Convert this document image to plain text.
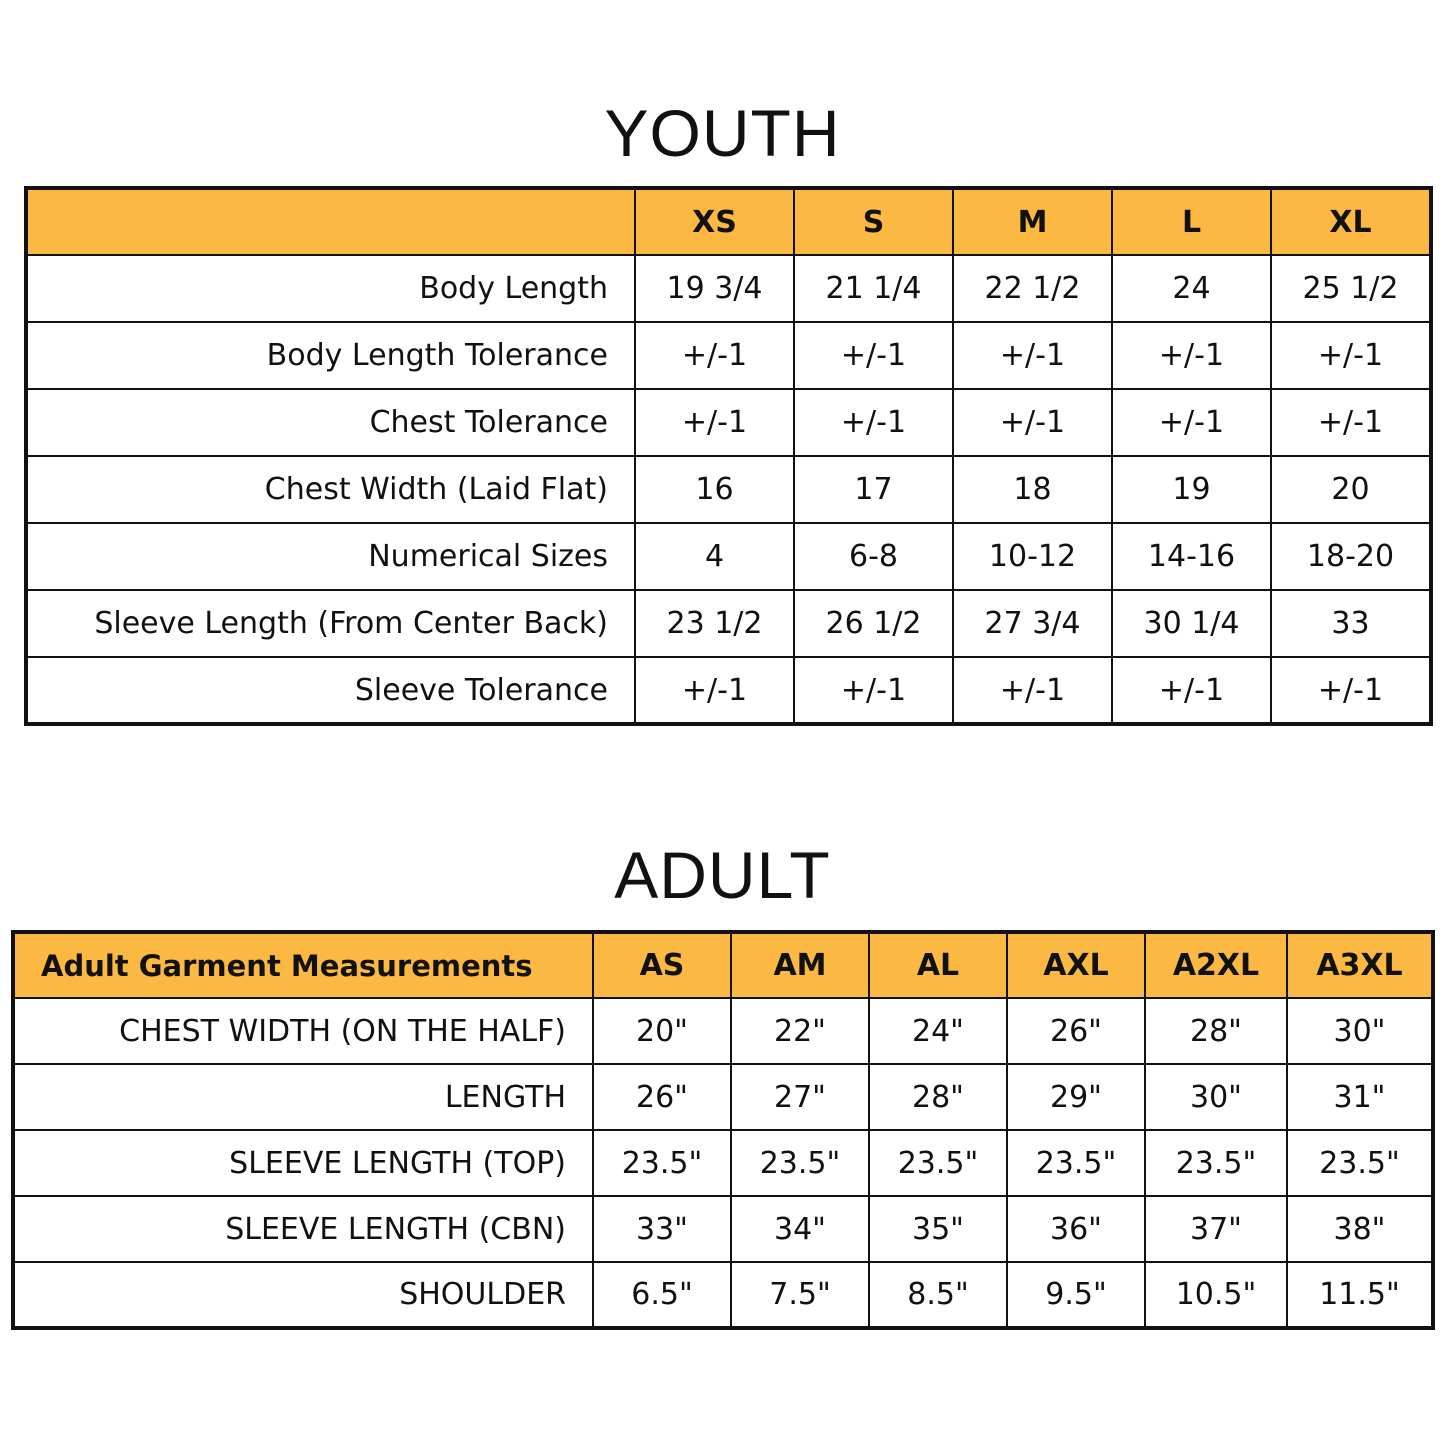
YOUTH
	XS	S	M	L	XL
Body Length	19 3/4	21 1/4	22 1/2	24	25 1/2
Body Length Tolerance	+/-1	+/-1	+/-1	+/-1	+/-1
Chest Tolerance	+/-1	+/-1	+/-1	+/-1	+/-1
Chest Width (Laid Flat)	16	17	18	19	20
Numerical Sizes	4	6-8	10-12	14-16	18-20
Sleeve Length (From Center Back)	23 1/2	26 1/2	27 3/4	30 1/4	33
Sleeve Tolerance	+/-1	+/-1	+/-1	+/-1	+/-1
ADULT
Adult Garment Measurements	AS	AM	AL	AXL	A2XL	A3XL
CHEST WIDTH (ON THE HALF)	20"	22"	24"	26"	28"	30"
LENGTH	26"	27"	28"	29"	30"	31"
SLEEVE LENGTH (TOP)	23.5"	23.5"	23.5"	23.5"	23.5"	23.5"
SLEEVE LENGTH (CBN)	33"	34"	35"	36"	37"	38"
SHOULDER	6.5"	7.5"	8.5"	9.5"	10.5"	11.5"
